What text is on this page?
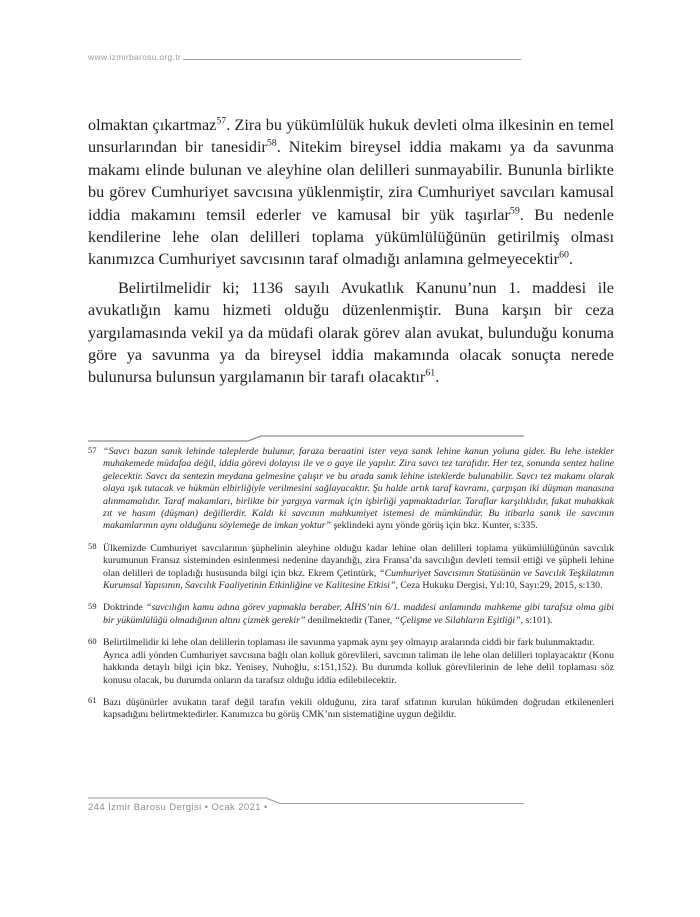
www.izmirbarosu.org.tr

olmaktan çıkartmaz$^{57}$. Zira bu yükümlülük hukuk devleti olma ilkesinin en temel unsurlarından bir tanesidir$^{58}$. Nitekim bireysel iddia makamı ya da savunma makamı elinde bulunan ve aleyhine olan delilleri sunmayabilir. Bununla birlikte bu görev Cumhuriyet savcısına yüklenmiştir, zira Cumhuriyet savcıları kamusal iddia makamını temsil ederler ve kamusal bir yük taşırlar$^{59}$. Bu nedenle kendilerine lehe olan delilleri toplama yükümlülüğünün getirilmiş olması kanımızca Cumhuriyet savcısının taraf olmadığı anlamına gelmeyecektir$^{60}$.

Belirtilmelidir ki; 1136 sayılı Avukatlık Kanunu’nun 1. maddesi ile avukatlığın kamu hizmeti olduğu düzenlenmiştir. Buna karşın bir ceza yargılamasında vekil ya da müdafi olarak görev alan avukat, bulunduğu konuma göre ya savunma ya da bireysel iddia makamında olacak sonuçta nerede bulunursa bulunsun yargılamanın bir tarafı olacaktır$^{61}$.

57 “Savcı bazan sanık lehinde taleplerde bulunur, faraza beraatini ister veya sanık lehine kanun yoluna gider. Bu lehe istekler muhakemede müdafaa değil, iddia görevi dolayısı ile ve o gaye ile yapılır. Zira savcı tez tarafıdır. Her tez, sonunda sentez haline gelecektir. Savcı da sentezin meydana gelmesine çalışır ve bu arada sanık lehine isteklerde bulunabilir. Savcı tez makamı olarak olaya ışık tutacak ve hükmün elbirliğiyle verilmesini sağlayacaktır. Şu halde artık taraf kavramı, çarpışan iki düşman manasına alınmamalıdır. Taraf makamları, birlikte bir yargıya varmak için işbirliği yapmaktadırlar. Taraflar karşılıklıdır, fakat muhakkak zıt ve hasım (düşman) değillerdir. Kaldı ki savcının mahkumiyet istemesi de mümkündür. Bu itibarla sanık ile savcının makamlarının aynı olduğunu söylemeğe de imkan yoktur” şeklindeki aynı yönde görüş için bkz. Kunter, s:335.
58 Ülkemizde Cumhuriyet savcılarının şüphelinin aleyhine olduğu kadar lehine olan delilleri toplama yükümlülüğünün savcılık kurumunun Fransız sisteminden esinlenmesi nedenine dayandığı, zira Fransa’da savcılığın devleti temsil ettiği ve şüpheli lehine olan delilleri de topladığı hususunda bilgi için bkz. Ekrem Çetintürk, “Cumhuriyet Savcısının Statüsünün ve Savcılık Teşkilatının Kurumsal Yapısının, Savcılık Faaliyetinin Etkinliğine ve Kalitesine Etkisi”, Ceza Hukuku Dergisi, Yıl:10, Sayı:29, 2015, s:130.
59 Doktrinde “savcılığın kamu adına görev yapmakla beraber, AİHS’nin 6/1. maddesi anlamında mahkeme gibi tarafsız olma gibi bir yükümlülüğü olmadığının altını çizmek gerekir” denilmektedir (Taner, “Çelişme ve Silahların Eşitliği”, s:101).
60 Belirtilmelidir ki lehe olan delillerin toplaması ile savunma yapmak aynı şey olmayıp aralarında ciddi bir fark bulunmaktadır.
Ayrıca adli yönden Cumhuriyet savcısına bağlı olan kolluk görevlileri, savcının talimatı ile lehe olan delilleri toplayacaktır (Konu hakkında detaylı bilgi için bkz. Yenisey, Nuhoğlu, s:151,152). Bu durumda kolluk görevlilerinin de lehe delil toplaması söz konusu olacak, bu durumda onların da tarafsız olduğu iddia edilebilecektir.
61 Bazı düşünürler avukatın taraf değil tarafın vekili olduğunu, zira taraf sıfatının kurulan hükümden doğrudan etkilenenleri kapsadığını belirtmektedirler. Kanımızca bu görüş CMK’nın sistematiğine uygun değildir.
244 İzmir Barosu Dergisi • Ocak 2021 •
